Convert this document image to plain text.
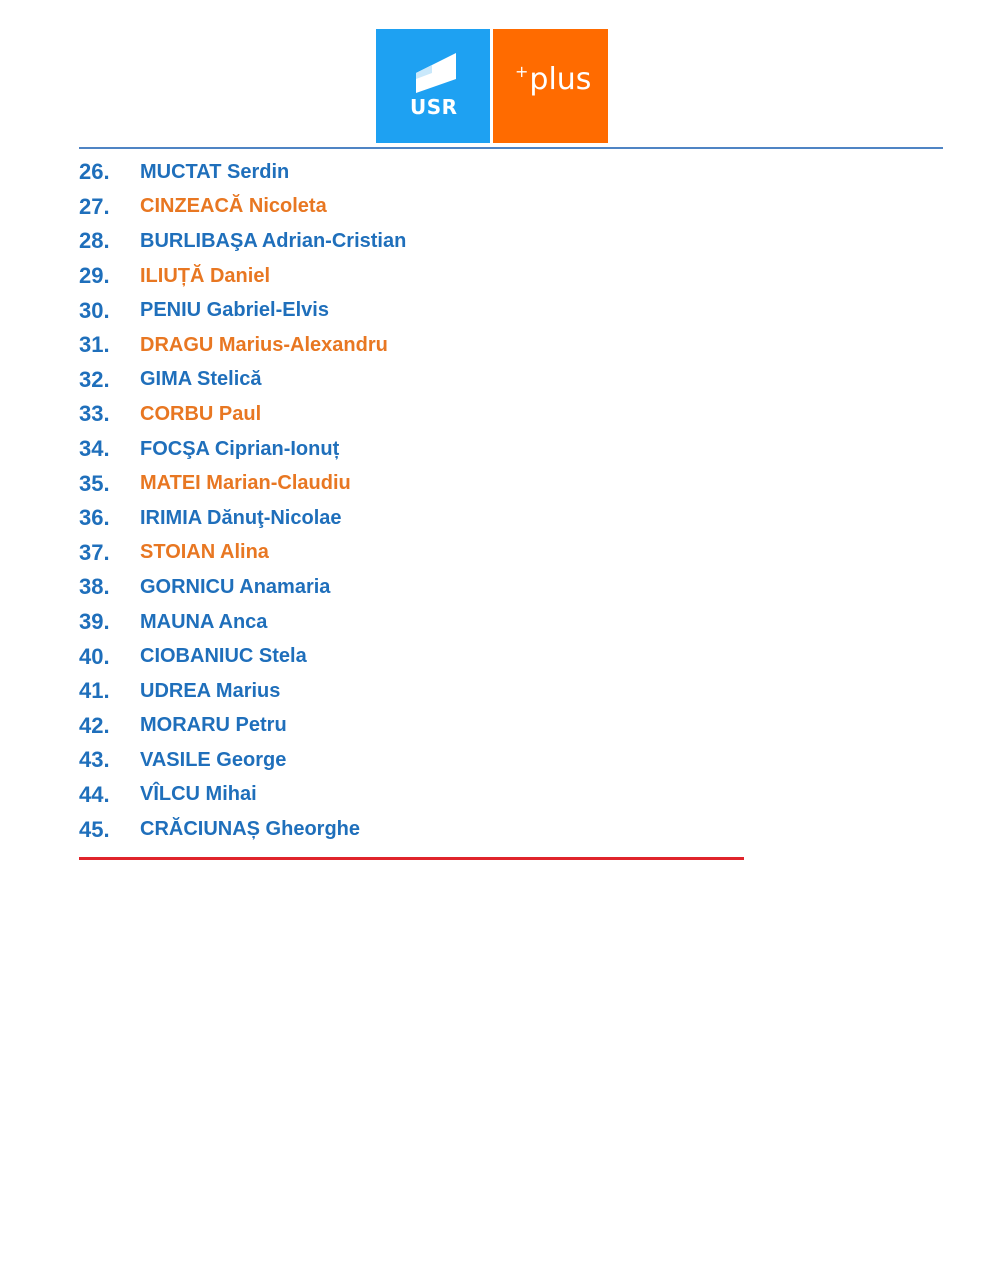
USR
+plus
26.	MUCTAT Serdin
27.	CINZEACĂ Nicoleta
28.	BURLIBAŞA Adrian-Cristian
29.	ILIUȚĂ Daniel
30.	PENIU Gabriel-Elvis
31.	DRAGU Marius-Alexandru
32.	GIMA Stelică
33.	CORBU Paul
34.	FOCŞA Ciprian-Ionuț
35.	MATEI Marian-Claudiu
36.	IRIMIA Dănuţ-Nicolae
37.	STOIAN Alina
38.	GORNICU Anamaria
39.	MAUNA Anca
40.	CIOBANIUC Stela
41.	UDREA Marius
42.	MORARU Petru
43.	VASILE George
44.	VÎLCU Mihai
45.	CRĂCIUNAȘ Gheorghe
